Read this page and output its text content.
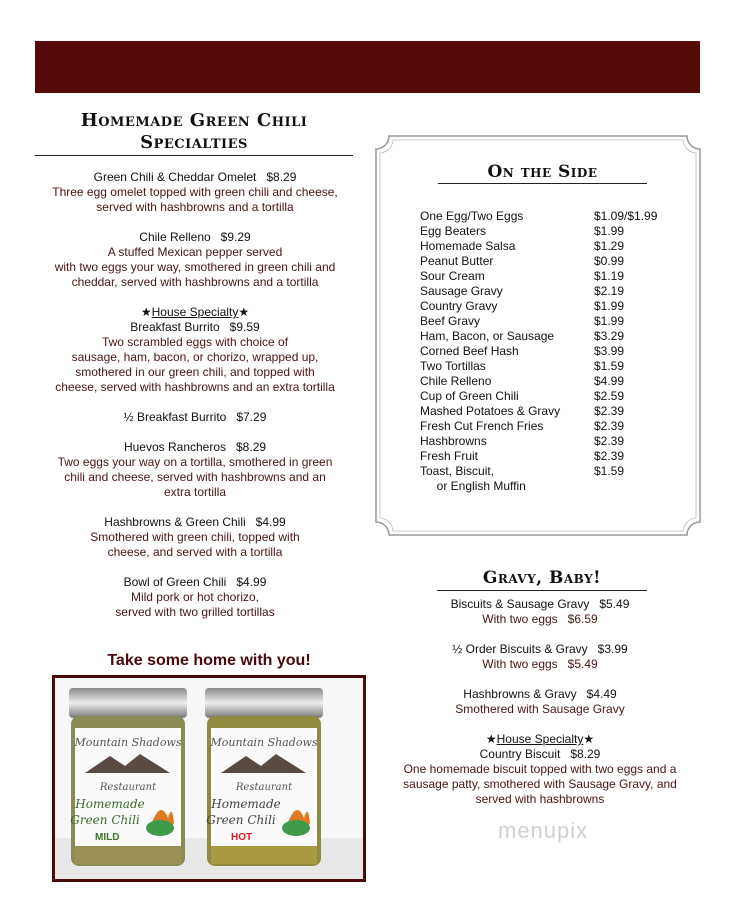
Homemade Green Chili
Specialties
Green Chili & Cheddar Omelet   $8.29
Three egg omelet topped with green chili and cheese,
served with hashbrowns and a tortilla
Chile Relleno   $9.29
A stuffed Mexican pepper served
with two eggs your way, smothered in green chili and
cheddar, served with hashbrowns and a tortilla
★House Specialty★
Breakfast Burrito   $9.59
Two scrambled eggs with choice of
sausage, ham, bacon, or chorizo, wrapped up,
smothered in our green chili, and topped with
cheese, served with hashbrowns and an extra tortilla
½ Breakfast Burrito   $7.29
Huevos Rancheros   $8.29
Two eggs your way on a tortilla, smothered in green
chili and cheese, served with hashbrowns and an
extra tortilla
Hashbrowns & Green Chili   $4.99
Smothered with green chili, topped with
cheese, and served with a tortilla
Bowl of Green Chili   $4.99
Mild pork or hot chorizo,
served with two grilled tortillas
Take some home with you!
Mountain Shadows
Restaurant
Homemade
Green Chili
MILD
Mountain Shadows
Restaurant
Homemade
Green Chili
HOT
On the Side
One Egg/Two Eggs	$1.09/$1.99
Egg Beaters	$1.99
Homemade Salsa	$1.29
Peanut Butter	$0.99
Sour Cream	$1.19
Sausage Gravy	$2.19
Country Gravy	$1.99
Beef Gravy	$1.99
Ham, Bacon, or Sausage	$3.29
Corned Beef Hash	$3.99
Two Tortillas	$1.59
Chile Relleno	$4.99
Cup of Green Chili	$2.59
Mashed Potatoes & Gravy	$2.39
Fresh Cut French Fries	$2.39
Hashbrowns	$2.39
Fresh Fruit	$2.39
Toast, Biscuit,	$1.59
or English Muffin
Gravy, Baby!
Biscuits & Sausage Gravy   $5.49
With two eggs   $6.59
½ Order Biscuits & Gravy   $3.99
With two eggs   $5.49
Hashbrowns & Gravy   $4.49
Smothered with Sausage Gravy
★House Specialty★
Country Biscuit   $8.29
One homemade biscuit topped with two eggs and a
sausage patty, smothered with Sausage Gravy, and
served with hashbrowns
menupix
